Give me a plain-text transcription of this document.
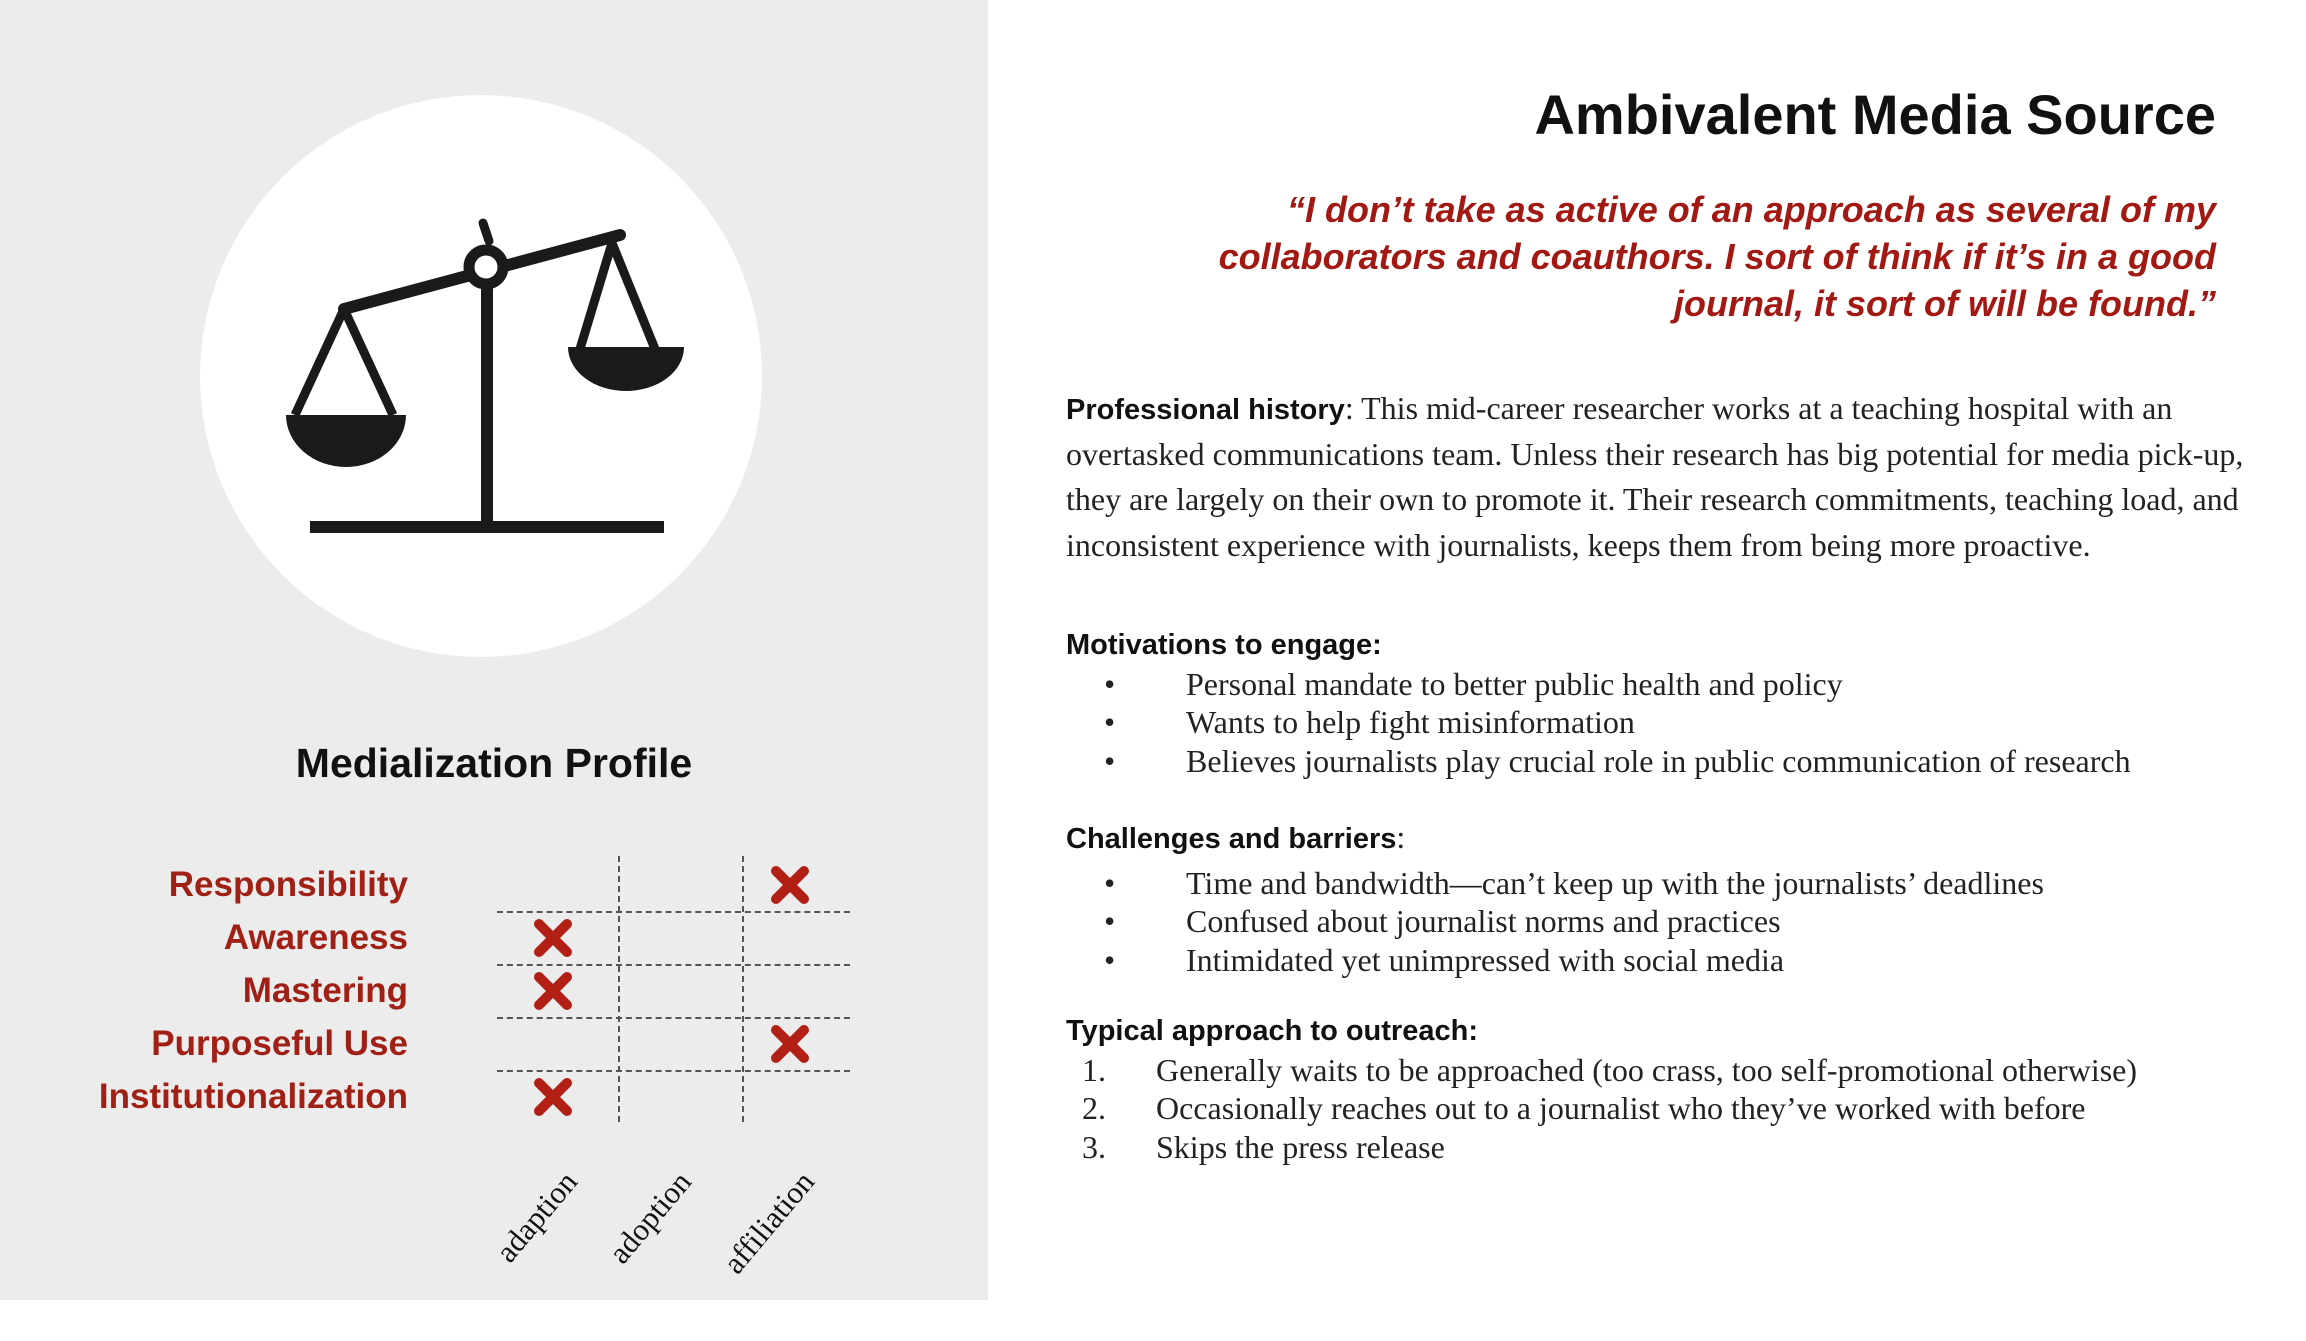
Medialization Profile
Responsibility
Awareness
Mastering
Purposeful Use
Institutionalization
adaption adoption affiliation
Ambivalent Media Source
“I don’t take as active of an approach as several of my collaborators and coauthors. I sort of think if it’s in a good journal, it sort of will be found.”
Professional history: This mid-career researcher works at a teaching hospital with an overtasked communications team. Unless their research has big potential for media pick-up, they are largely on their own to promote it. Their research commitments, teaching load, and inconsistent experience with journalists, keeps them from being more proactive.
Motivations to engage:
• Personal mandate to better public health and policy
• Wants to help fight misinformation
• Believes journalists play crucial role in public communication of research
Challenges and barriers:
• Time and bandwidth—can’t keep up with the journalists’ deadlines
• Confused about journalist norms and practices
• Intimidated yet unimpressed with social media
Typical approach to outreach:
1. Generally waits to be approached (too crass, too self-promotional otherwise)
2. Occasionally reaches out to a journalist who they’ve worked with before
3. Skips the press release
